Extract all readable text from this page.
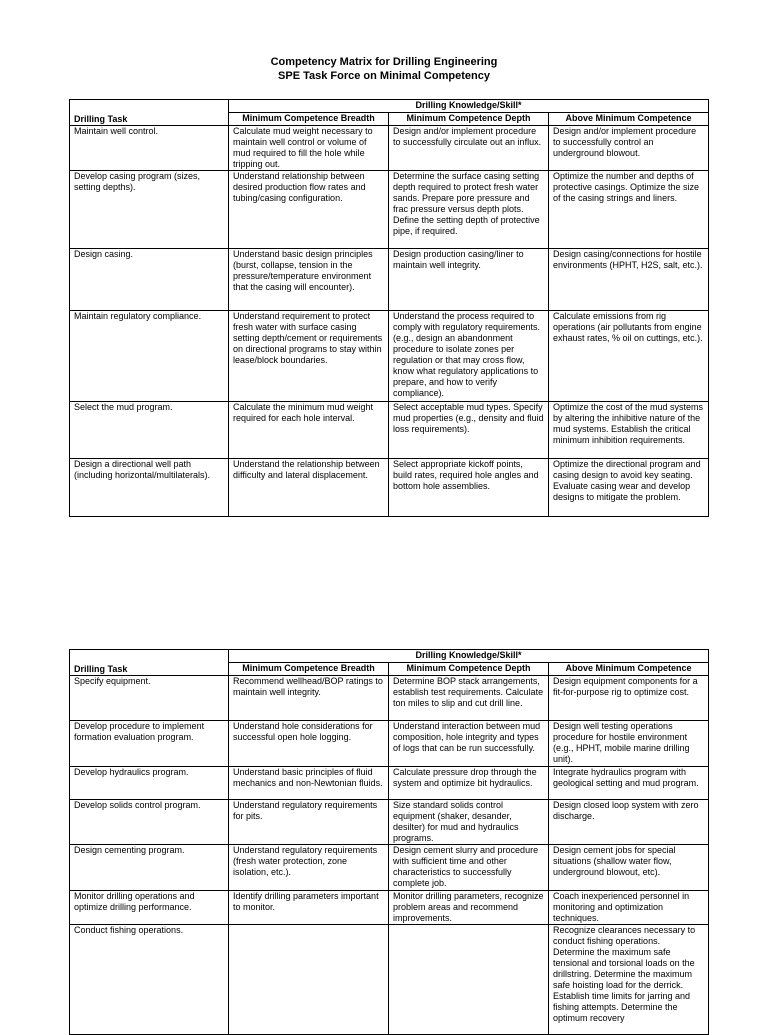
Competency Matrix for Drilling Engineering
SPE Task Force on Minimal Competency
	Drilling Knowledge/Skill*		
Drilling Task	Minimum Competence Breadth	Minimum Competence Depth	Above Minimum Competence
Maintain well control.	Calculate mud weight necessary to maintain well control or volume of mud required to fill the hole while tripping out.	Design and/or implement procedure to successfully circulate out an influx.	Design and/or implement procedure to successfully control an underground blowout.
Develop casing program (sizes, setting depths).	Understand relationship between desired production flow rates and tubing/casing configuration.	Determine the surface casing setting depth required to protect fresh water sands. Prepare pore pressure and frac pressure versus depth plots. Define the setting depth of protective pipe, if required.	Optimize the number and depths of protective casings. Optimize the size of the casing strings and liners.
Design casing.	Understand basic design principles (burst, collapse, tension in the pressure/temperature environment that the casing will encounter).	Design production casing/liner to maintain well integrity.	Design casing/connections for hostile environments (HPHT, H2S, salt, etc.).
Maintain regulatory compliance.	Understand requirement to protect fresh water with surface casing setting depth/cement or requirements on directional programs to stay within lease/block boundaries.	Understand the process required to comply with regulatory requirements. (e.g., design an abandonment procedure to isolate zones per regulation or that may cross flow, know what regulatory applications to prepare, and how to verify compliance).	Calculate emissions from rig operations (air pollutants from engine exhaust rates, % oil on cuttings, etc.).
Select the mud program.	Calculate the minimum mud weight required for each hole interval.	Select acceptable mud types. Specify mud properties (e.g., density and fluid loss requirements).	Optimize the cost of the mud systems by altering the inhibitive nature of the mud systems. Establish the critical minimum inhibition requirements.
Design a directional well path (including horizontal/multilaterals).	Understand the relationship between difficulty and lateral displacement.	Select appropriate kickoff points, build rates, required hole angles and bottom hole assemblies.	Optimize the directional program and casing design to avoid key seating. Evaluate casing wear and develop designs to mitigate the problem.
	Drilling Knowledge/Skill*		
Drilling Task	Minimum Competence Breadth	Minimum Competence Depth	Above Minimum Competence
Specify equipment.	Recommend wellhead/BOP ratings to maintain well integrity.	Determine BOP stack arrangements, establish test requirements. Calculate ton miles to slip and cut drill line.	Design equipment components for a fit-for-purpose rig to optimize cost.
Develop procedure to implement formation evaluation program.	Understand hole considerations for successful open hole logging.	Understand interaction between mud composition, hole integrity and types of logs that can be run successfully.	Design well testing operations procedure for hostile environment (e.g., HPHT, mobile marine drilling unit).
Develop hydraulics program.	Understand basic principles of fluid mechanics and non-Newtonian fluids.	Calculate pressure drop through the system and optimize bit hydraulics.	Integrate hydraulics program with geological setting and mud program.
Develop solids control program.	Understand regulatory requirements for pits.	Size standard solids control equipment (shaker, desander, desilter) for mud and hydraulics programs.	Design closed loop system with zero discharge.
Design cementing program.	Understand regulatory requirements (fresh water protection, zone isolation, etc.).	Design cement slurry and procedure with sufficient time and other characteristics to successfully complete job.	Design cement jobs for special situations (shallow water flow, underground blowout, etc).
Monitor drilling operations and optimize drilling performance.	Identify drilling parameters important to monitor.	Monitor drilling parameters, recognize problem areas and recommend improvements.	Coach inexperienced personnel in monitoring and optimization techniques.
Conduct fishing operations.			Recognize clearances necessary to conduct fishing operations. Determine the maximum safe tensional and torsional loads on the drillstring. Determine the maximum safe hoisting load for the derrick. Establish time limits for jarring and fishing attempts. Determine the optimum recovery
